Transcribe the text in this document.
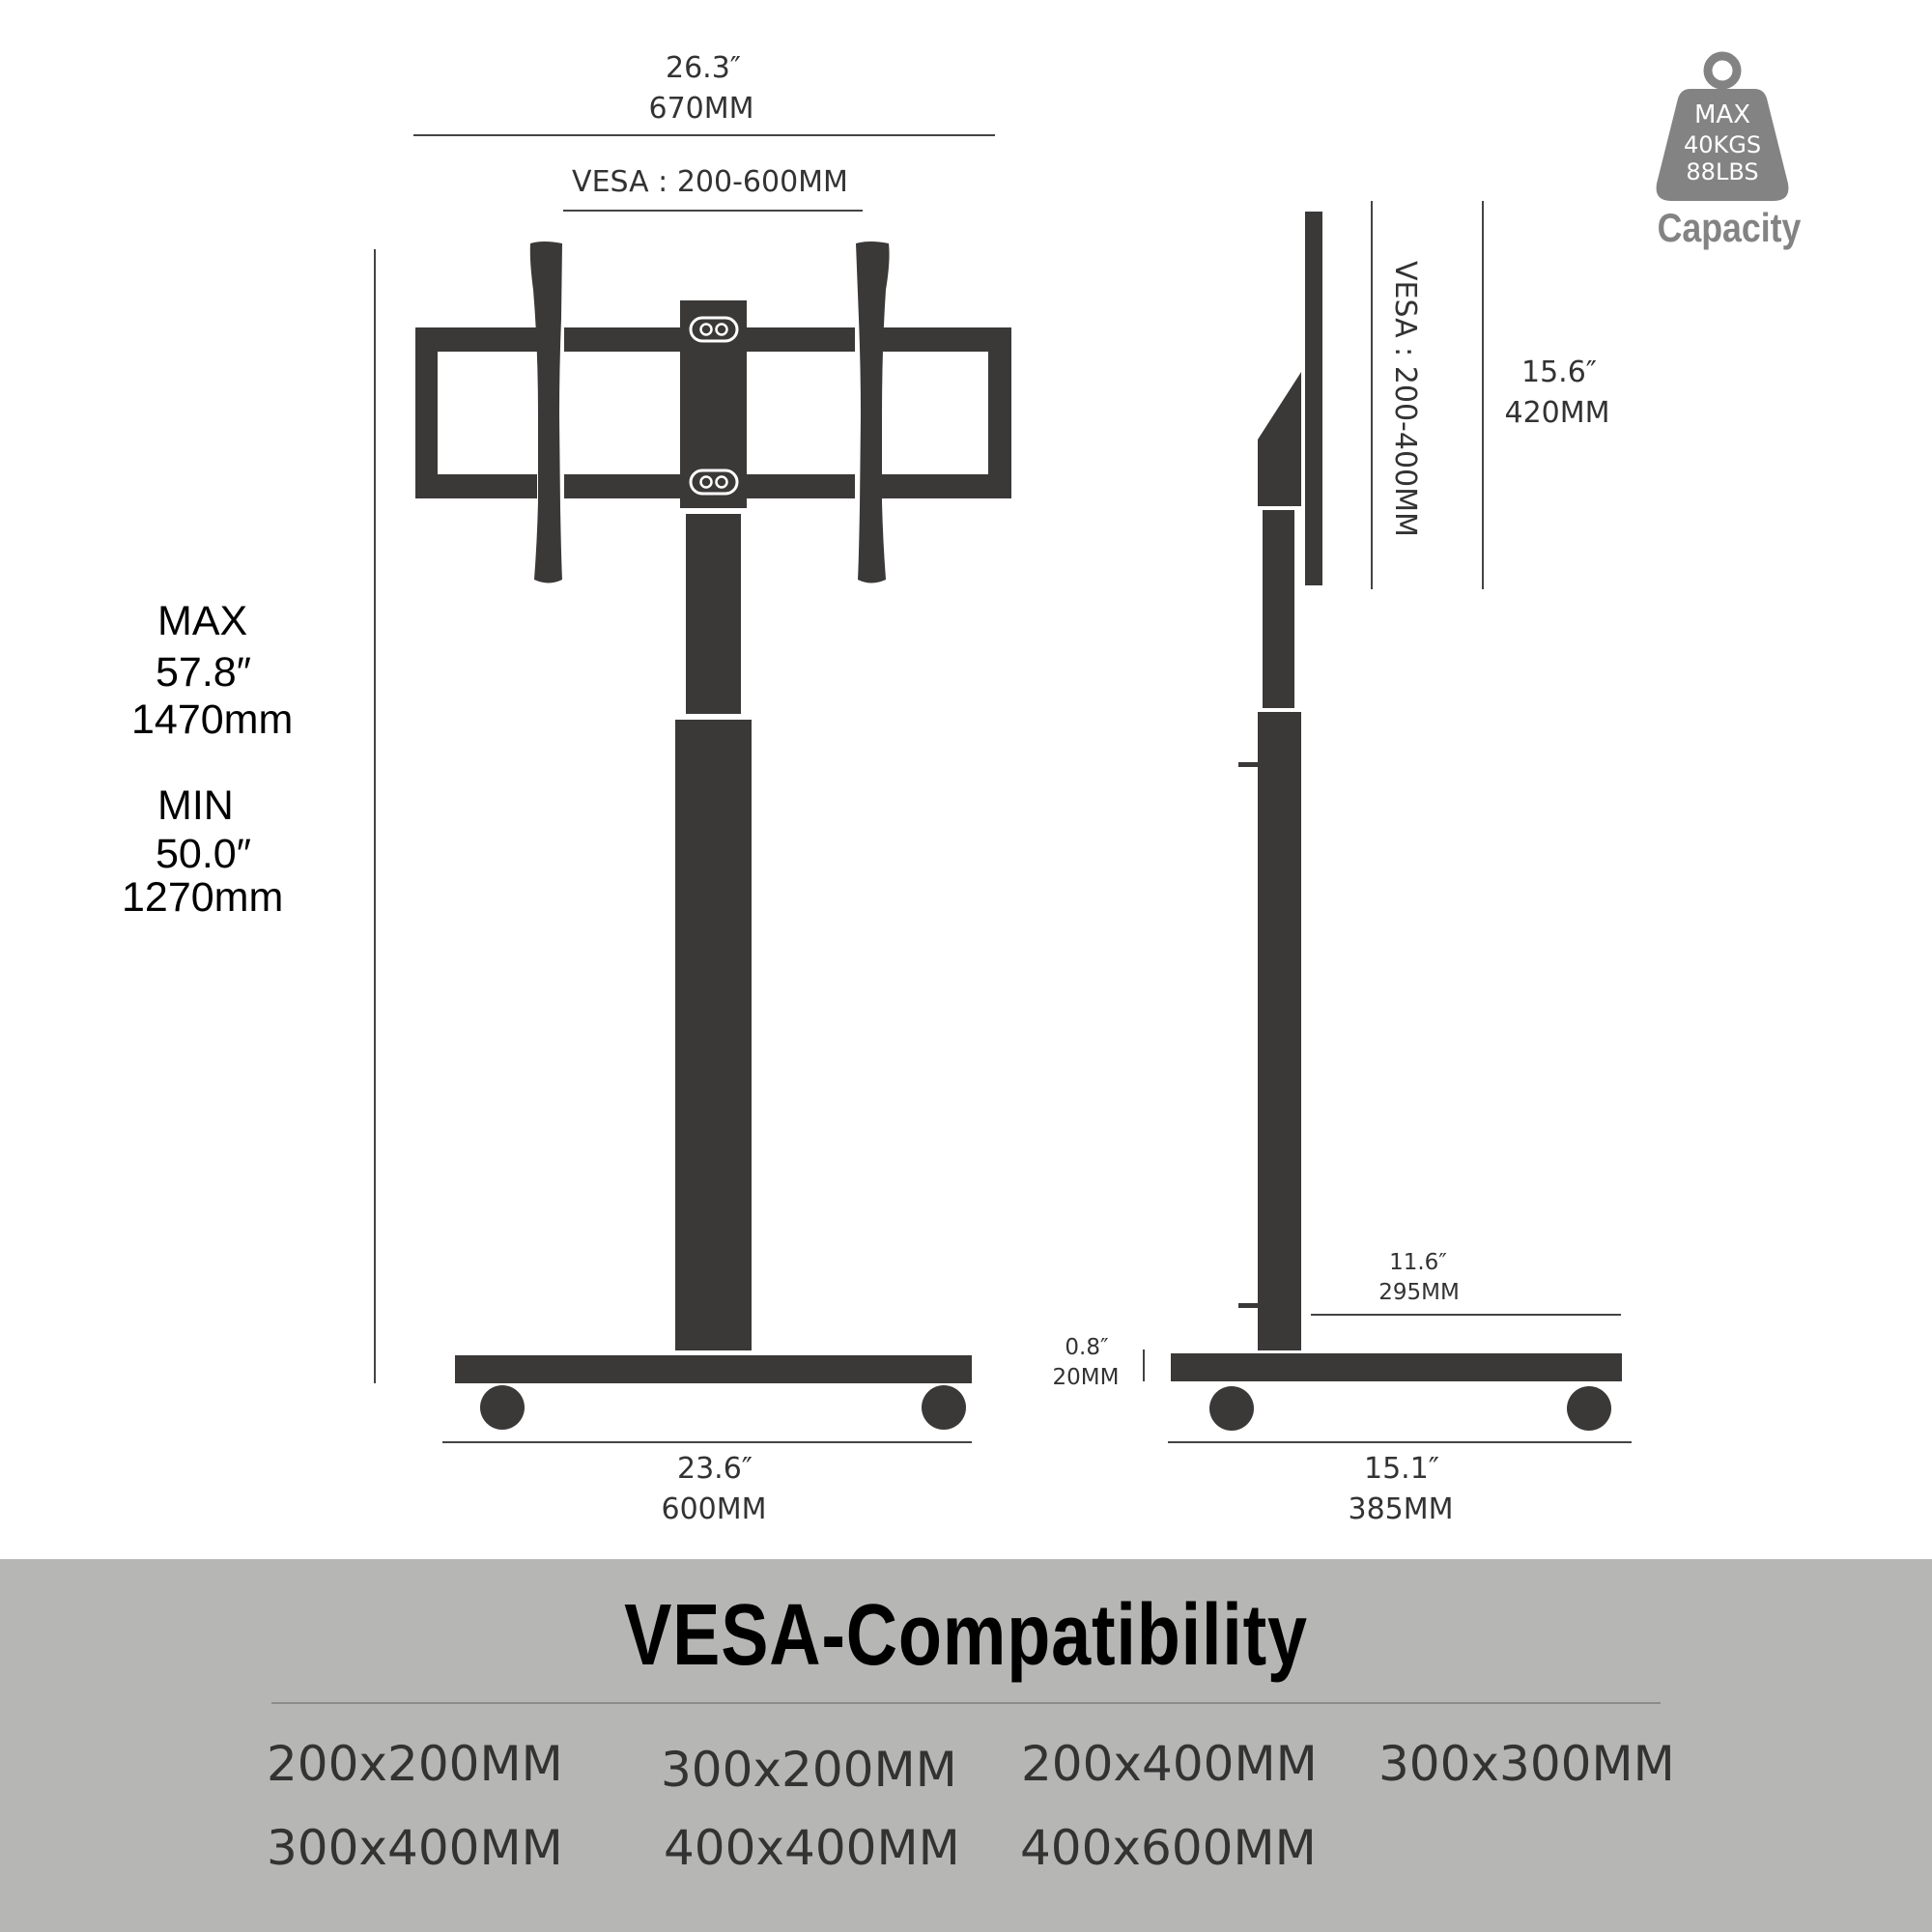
26.3″
670MM
VESA : 200-600MM
23.6″
600MM
MAX
57.8″
1470mm
MIN
50.0″
1270mm
VESA : 200-400MM	15.6″
420MM
11.6″
295MM
0.8″
20MM
15.1″
385MM
MAX
40KGS
88LBS
Capacity
VESA-Compatibility
200x200MM 300x200MM 200x400MM 300x300MM
300x400MM 400x400MM 400x600MM
